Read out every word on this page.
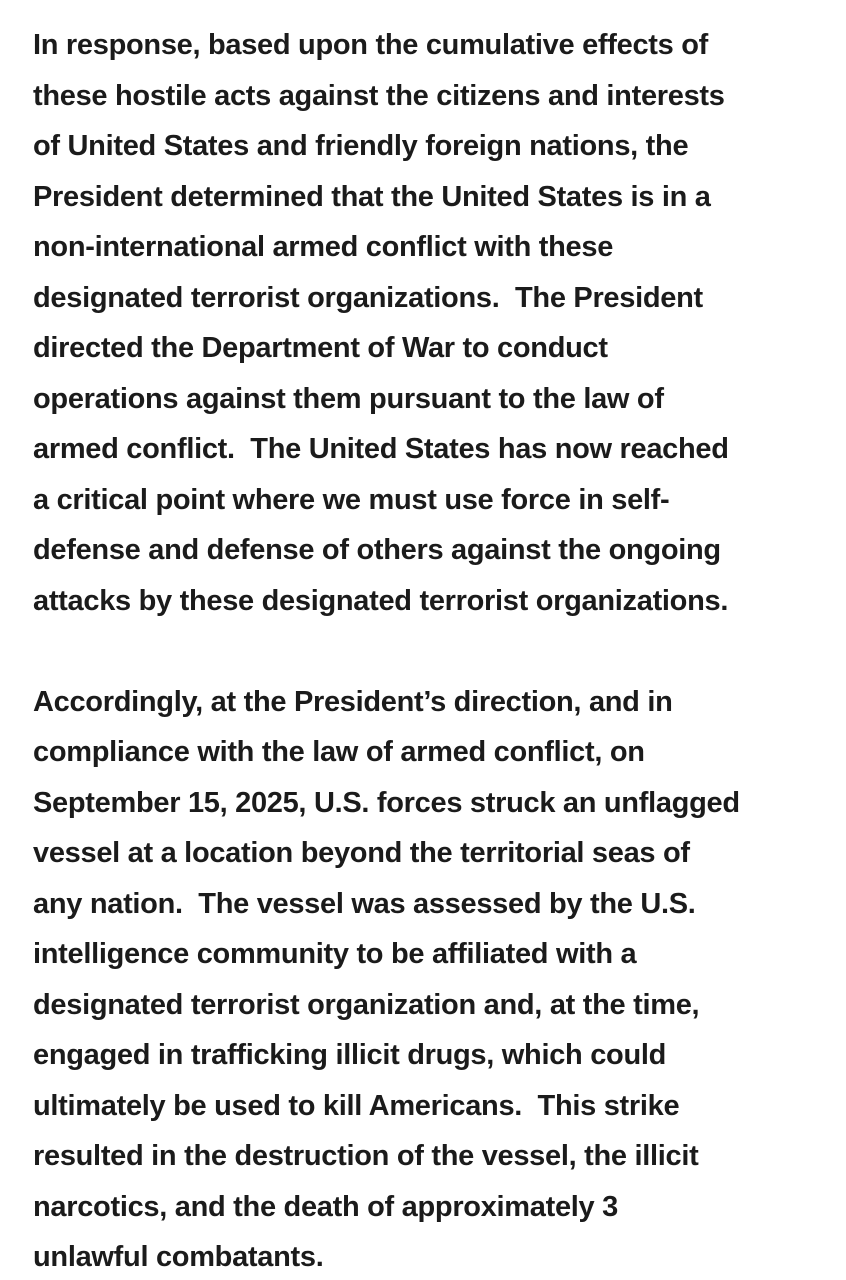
In response, based upon the cumulative effects of
these hostile acts against the citizens and interests
of United States and friendly foreign nations, the
President determined that the United States is in a
non-international armed conflict with these
designated terrorist organizations.  The President
directed the Department of War to conduct
operations against them pursuant to the law of
armed conflict.  The United States has now reached
a critical point where we must use force in self-
defense and defense of others against the ongoing
attacks by these designated terrorist organizations.
Accordingly, at the President’s direction, and in
compliance with the law of armed conflict, on
September 15, 2025, U.S. forces struck an unflagged
vessel at a location beyond the territorial seas of
any nation.  The vessel was assessed by the U.S.
intelligence community to be affiliated with a
designated terrorist organization and, at the time,
engaged in trafficking illicit drugs, which could
ultimately be used to kill Americans.  This strike
resulted in the destruction of the vessel, the illicit
narcotics, and the death of approximately 3
unlawful combatants.
